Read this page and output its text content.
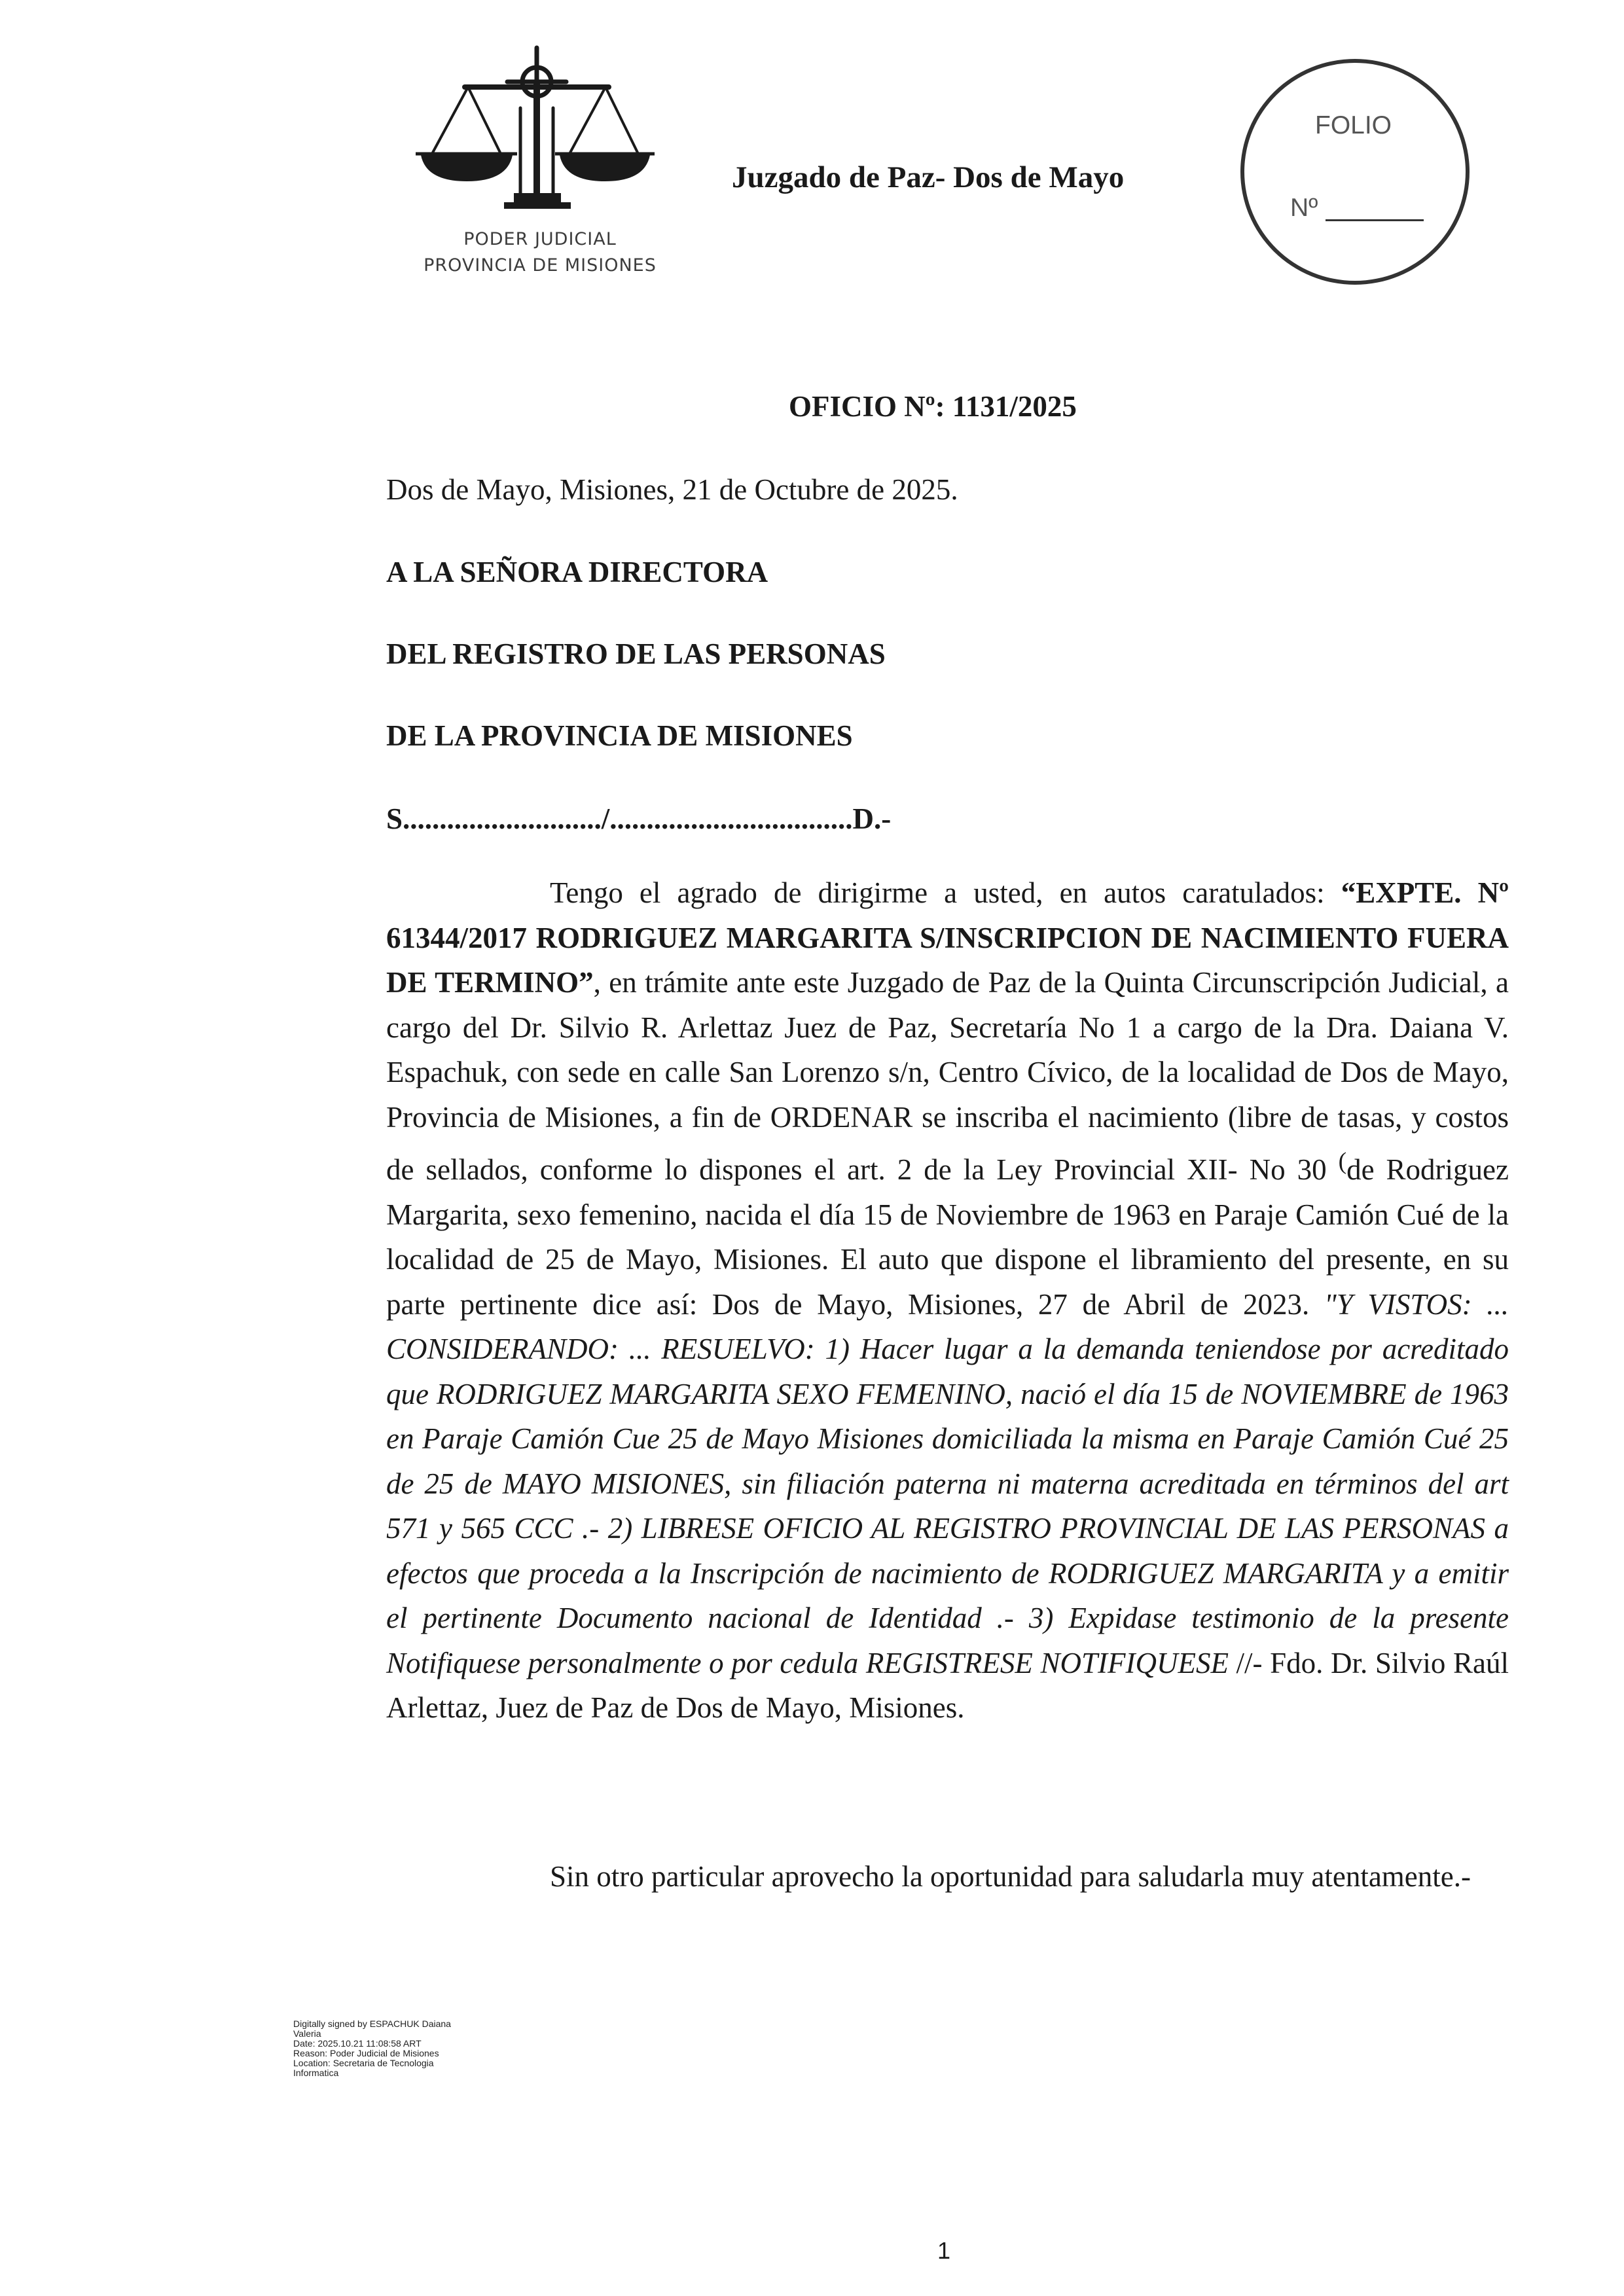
PODER JUDICIAL
PROVINCIA DE MISIONES
Juzgado de Paz- Dos de Mayo
FOLIO
Nº
OFICIO Nº: 1131/2025
Dos de Mayo, Misiones, 21 de Octubre de 2025.
A LA SEÑORA DIRECTORA
DEL REGISTRO DE LAS PERSONAS
DE LA PROVINCIA DE MISIONES
S.........................../.................................D.-

Tengo el agrado de dirigirme a usted, en autos caratulados: “EXPTE. Nº 61344/2017 RODRIGUEZ MARGARITA S/INSCRIPCION DE NACIMIENTO FUERA DE TERMINO”, en trámite ante este Juzgado de Paz de la Quinta Circunscripción Judicial, a cargo del Dr. Silvio R. Arlettaz Juez de Paz, Secretaría No 1 a cargo de la Dra. Daiana V. Espachuk, con sede en calle San Lorenzo s/n, Centro Cívico, de la localidad de Dos de Mayo, Provincia de Misiones, a fin de ORDENAR se inscriba el nacimiento (libre de tasas, y costos de sellados, conforme lo dispones el art. 2 de la Ley Provincial XII- No 30 (de Rodriguez Margarita, sexo femenino, nacida el día 15 de Noviembre de 1963 en Paraje Camión Cué de la localidad de 25 de Mayo, Misiones. El auto que dispone el libramiento del presente, en su parte pertinente dice así: Dos de Mayo, Misiones, 27 de Abril de 2023. "Y VISTOS: ... CONSIDERANDO: ... RESUELVO: 1) Hacer lugar a la demanda teniendose por acreditado que RODRIGUEZ MARGARITA SEXO FEMENINO, nació el día 15 de NOVIEMBRE de 1963 en Paraje Camión Cue 25 de Mayo Misiones domiciliada la misma en Paraje Camión Cué 25 de 25 de MAYO MISIONES, sin filiación paterna ni materna acreditada en términos del art 571 y 565 CCC .- 2) LIBRESE OFICIO AL REGISTRO PROVINCIAL DE LAS PERSONAS a efectos que proceda a la Inscripción de nacimiento de RODRIGUEZ MARGARITA y a emitir el pertinente Documento nacional de Identidad .- 3) Expidase testimonio de la presente Notifiquese personalmente o por cedula REGISTRESE NOTIFIQUESE //- Fdo. Dr. Silvio Raúl Arlettaz, Juez de Paz de Dos de Mayo, Misiones.

Sin otro particular aprovecho la oportunidad para saludarla muy atentamente.-

Digitally signed by ESPACHUK Daiana
Valeria
Date: 2025.10.21 11:08:58 ART
Reason: Poder Judicial de Misiones
Location: Secretaria de Tecnologia
Informatica
1
